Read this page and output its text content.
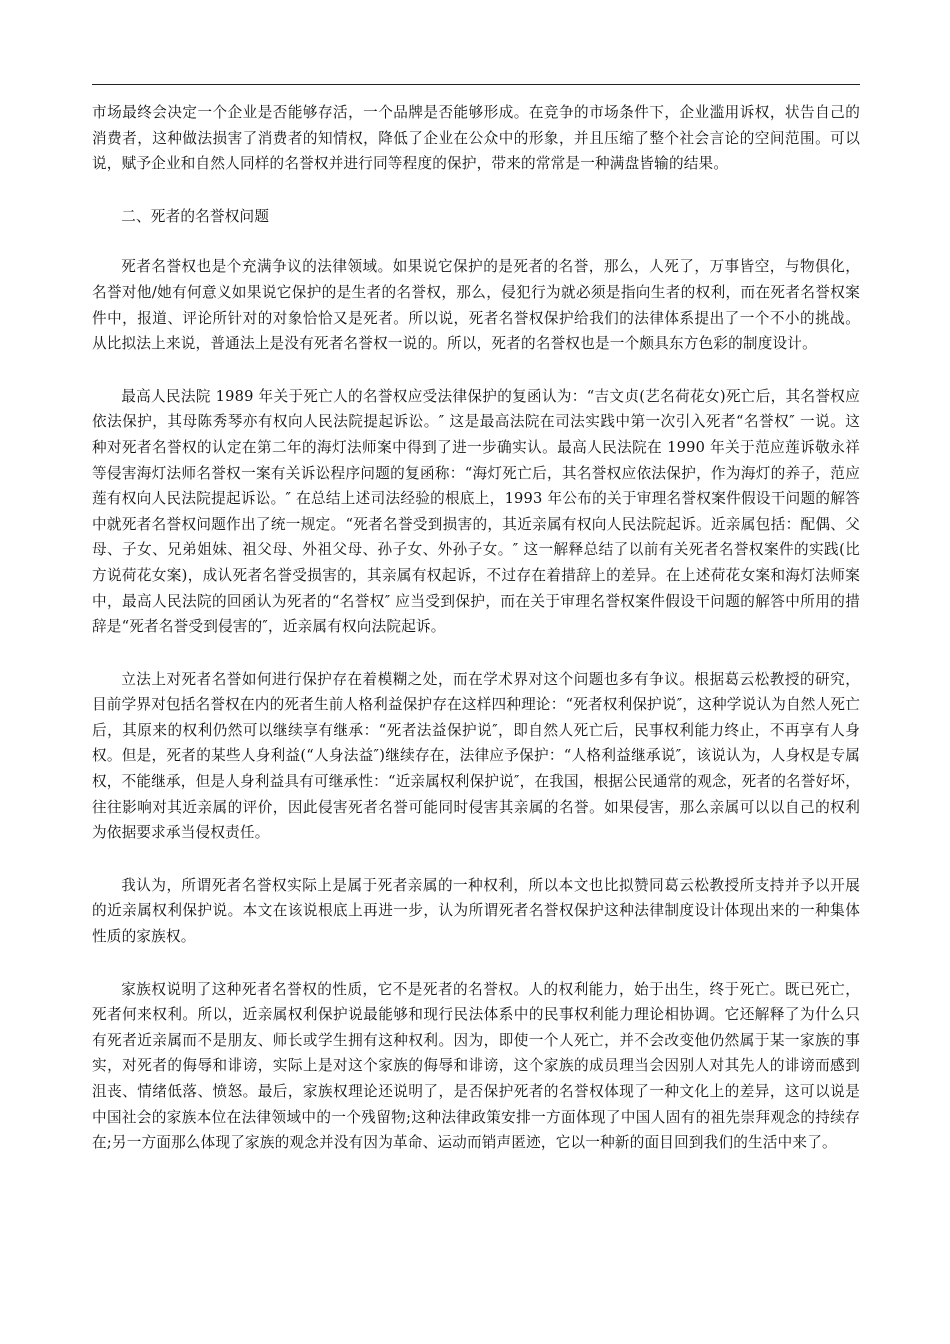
市场最终会决定一个企业是否能够存活，一个品牌是否能够形成。在竞争的市场条件下，企业滥用诉权，状告自己的消费者，这种做法损害了消费者的知情权，降低了企业在公众中的形象，并且压缩了整个社会言论的空间范围。可以说，赋予企业和自然人同样的名誉权并进行同等程度的保护，带来的常常是一种满盘皆输的结果。

二、死者的名誉权问题

死者名誉权也是个充满争议的法律领域。如果说它保护的是死者的名誉，那么，人死了，万事皆空，与物俱化，名誉对他/她有何意义如果说它保护的是生者的名誉权，那么，侵犯行为就必须是指向生者的权利，而在死者名誉权案件中，报道、评论所针对的对象恰恰又是死者。所以说，死者名誉权保护给我们的法律体系提出了一个不小的挑战。从比拟法上来说，普通法上是没有死者名誉权一说的。所以，死者的名誉权也是一个颇具东方色彩的制度设计。

最高人民法院 1989 年关于死亡人的名誉权应受法律保护的复函认为：“吉文贞(艺名荷花女)死亡后，其名誉权应依法保护，其母陈秀琴亦有权向人民法院提起诉讼。″ 这是最高法院在司法实践中第一次引入死者“名誉权″ 一说。这种对死者名誉权的认定在第二年的海灯法师案中得到了进一步确实认。最高人民法院在 1990 年关于范应莲诉敬永祥等侵害海灯法师名誉权一案有关诉讼程序问题的复函称：“海灯死亡后，其名誉权应依法保护，作为海灯的养子，范应莲有权向人民法院提起诉讼。″ 在总结上述司法经验的根底上，1993 年公布的关于审理名誉权案件假设干问题的解答中就死者名誉权问题作出了统一规定。“死者名誉受到损害的，其近亲属有权向人民法院起诉。近亲属包括：配偶、父母、子女、兄弟姐妹、祖父母、外祖父母、孙子女、外孙子女。″ 这一解释总结了以前有关死者名誉权案件的实践(比方说荷花女案)，成认死者名誉受损害的，其亲属有权起诉，不过存在着措辞上的差异。在上述荷花女案和海灯法师案中，最高人民法院的回函认为死者的“名誉权″ 应当受到保护，而在关于审理名誉权案件假设干问题的解答中所用的措辞是“死者名誉受到侵害的″，近亲属有权向法院起诉。

立法上对死者名誉如何进行保护存在着模糊之处，而在学术界对这个问题也多有争议。根据葛云松教授的研究，目前学界对包括名誉权在内的死者生前人格利益保护存在这样四种理论：“死者权利保护说″，这种学说认为自然人死亡后，其原来的权利仍然可以继续享有继承：“死者法益保护说″，即自然人死亡后，民事权利能力终止，不再享有人身权。但是，死者的某些人身利益(“人身法益″)继续存在，法律应予保护：“人格利益继承说″，该说认为，人身权是专属权，不能继承，但是人身利益具有可继承性：“近亲属权利保护说″，在我国，根据公民通常的观念，死者的名誉好坏，往往影响对其近亲属的评价，因此侵害死者名誉可能同时侵害其亲属的名誉。如果侵害，那么亲属可以以自己的权利为依据要求承当侵权责任。

我认为，所谓死者名誉权实际上是属于死者亲属的一种权利，所以本文也比拟赞同葛云松教授所支持并予以开展的近亲属权利保护说。本文在该说根底上再进一步，认为所谓死者名誉权保护这种法律制度设计体现出来的一种集体性质的家族权。

家族权说明了这种死者名誉权的性质，它不是死者的名誉权。人的权利能力，始于出生，终于死亡。既已死亡，死者何来权利。所以，近亲属权利保护说最能够和现行民法体系中的民事权利能力理论相协调。它还解释了为什么只有死者近亲属而不是朋友、师长或学生拥有这种权利。因为，即使一个人死亡，并不会改变他仍然属于某一家族的事实，对死者的侮辱和诽谤，实际上是对这个家族的侮辱和诽谤，这个家族的成员理当会因别人对其先人的诽谤而感到沮丧、情绪低落、愤怒。最后，家族权理论还说明了，是否保护死者的名誉权体现了一种文化上的差异，这可以说是中国社会的家族本位在法律领域中的一个残留物;这种法律政策安排一方面体现了中国人固有的祖先崇拜观念的持续存在;另一方面那么体现了家族的观念并没有因为革命、运动而销声匿迹，它以一种新的面目回到我们的生活中来了。
